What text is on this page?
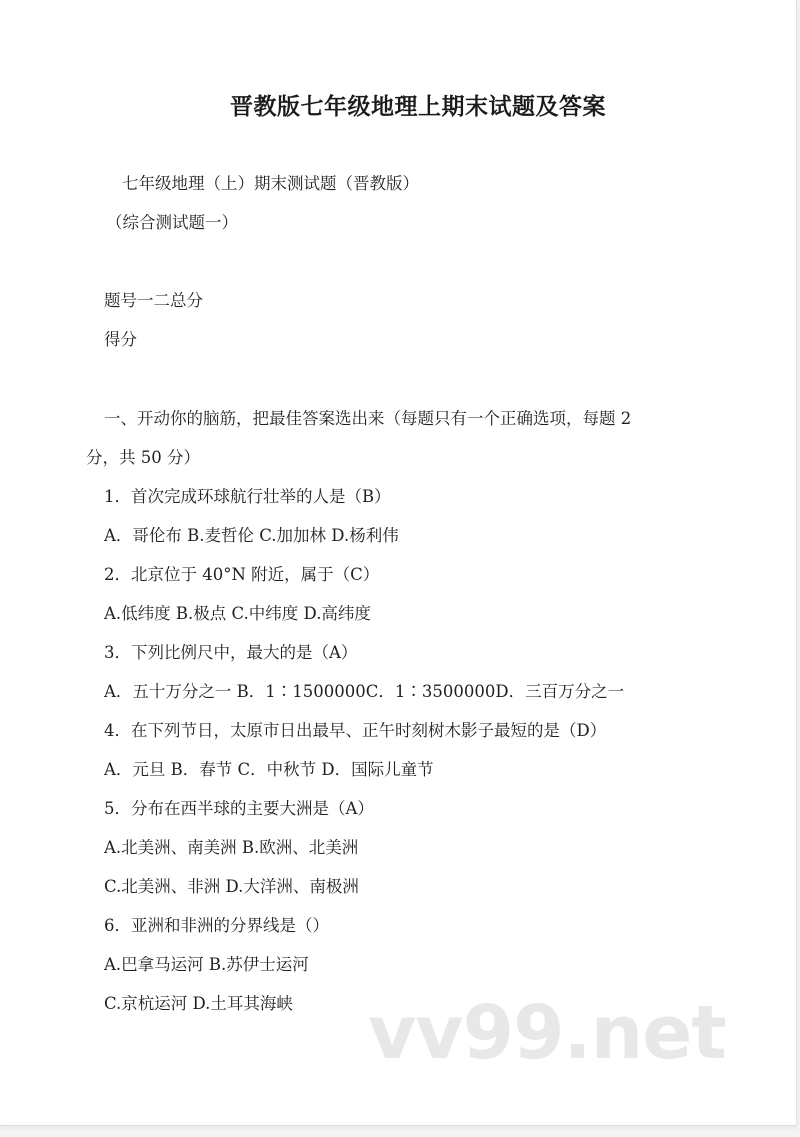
晋教版七年级地理上期末试题及答案
七年级地理（上）期末测试题（晋教版）
（综合测试题一）
题号一二总分
得分
一、开动你的脑筋，把最佳答案选出来（每题只有一个正确选项，每题 2
分，共 50 分）
1．首次完成环球航行壮举的人是（B）
A．哥伦布 B.麦哲伦 C.加加林 D.杨利伟
2．北京位于 40°N 附近，属于（C）
A.低纬度 B.极点 C.中纬度 D.高纬度
3．下列比例尺中，最大的是（A）
A．五十万分之一 B．1∶1500000C．1∶3500000D．三百万分之一
4．在下列节日，太原市日出最早、正午时刻树木影子最短的是（D）
A．元旦 B．春节 C．中秋节 D．国际儿童节
5．分布在西半球的主要大洲是（A）
A.北美洲、南美洲 B.欧洲、北美洲
C.北美洲、非洲 D.大洋洲、南极洲
6．亚洲和非洲的分界线是（）
A.巴拿马运河 B.苏伊士运河
C.京杭运河 D.土耳其海峡 vv99.net
